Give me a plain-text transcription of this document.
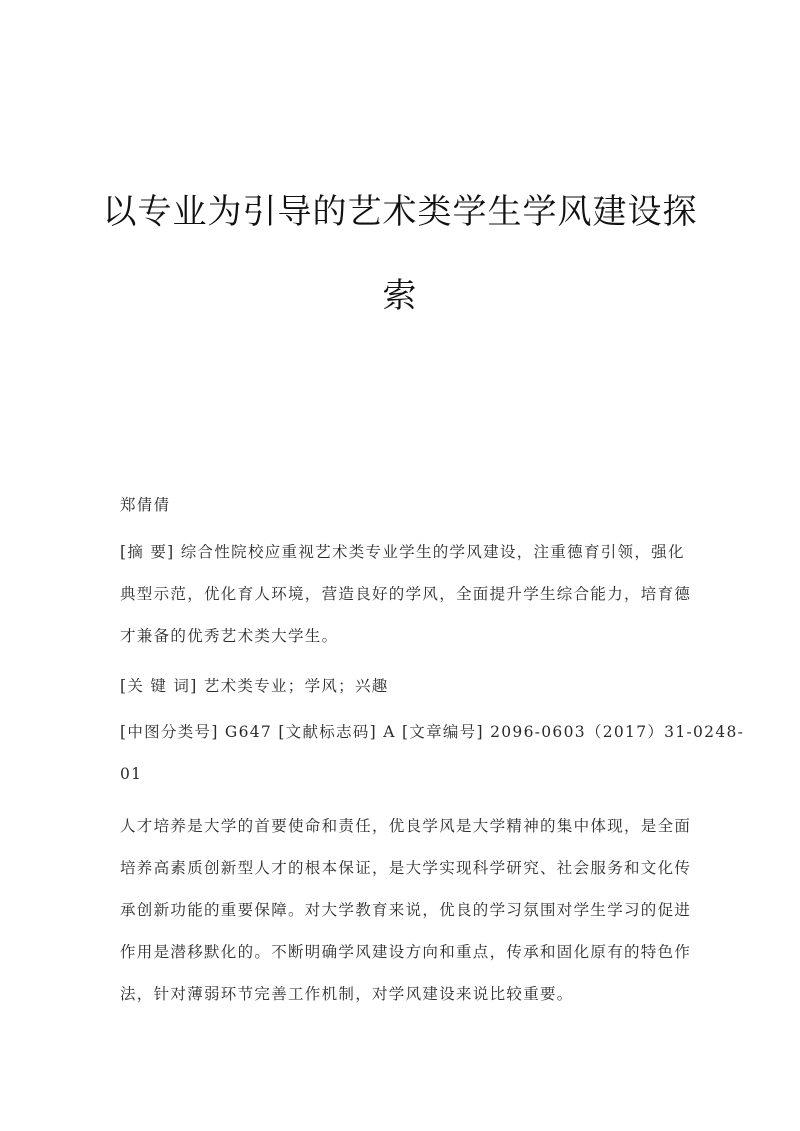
以专业为引导的艺术类学生学风建设探
索

郑倩倩

[摘 要] 综合性院校应重视艺术类专业学生的学风建设，注重德育引领，强化

典型示范，优化育人环境，营造良好的学风，全面提升学生综合能力，培育德

才兼备的优秀艺术类大学生。

[关 键 词] 艺术类专业；学风；兴趣

[中图分类号] G647 [文献标志码] A [文章编号] 2096-0603（2017）31-0248-

01

人才培养是大学的首要使命和责任，优良学风是大学精神的集中体现，是全面

培养高素质创新型人才的根本保证，是大学实现科学研究、社会服务和文化传

承创新功能的重要保障。对大学教育来说，优良的学习氛围对学生学习的促进

作用是潜移默化的。不断明确学风建设方向和重点，传承和固化原有的特色作

法，针对薄弱环节完善工作机制，对学风建设来说比较重要。
